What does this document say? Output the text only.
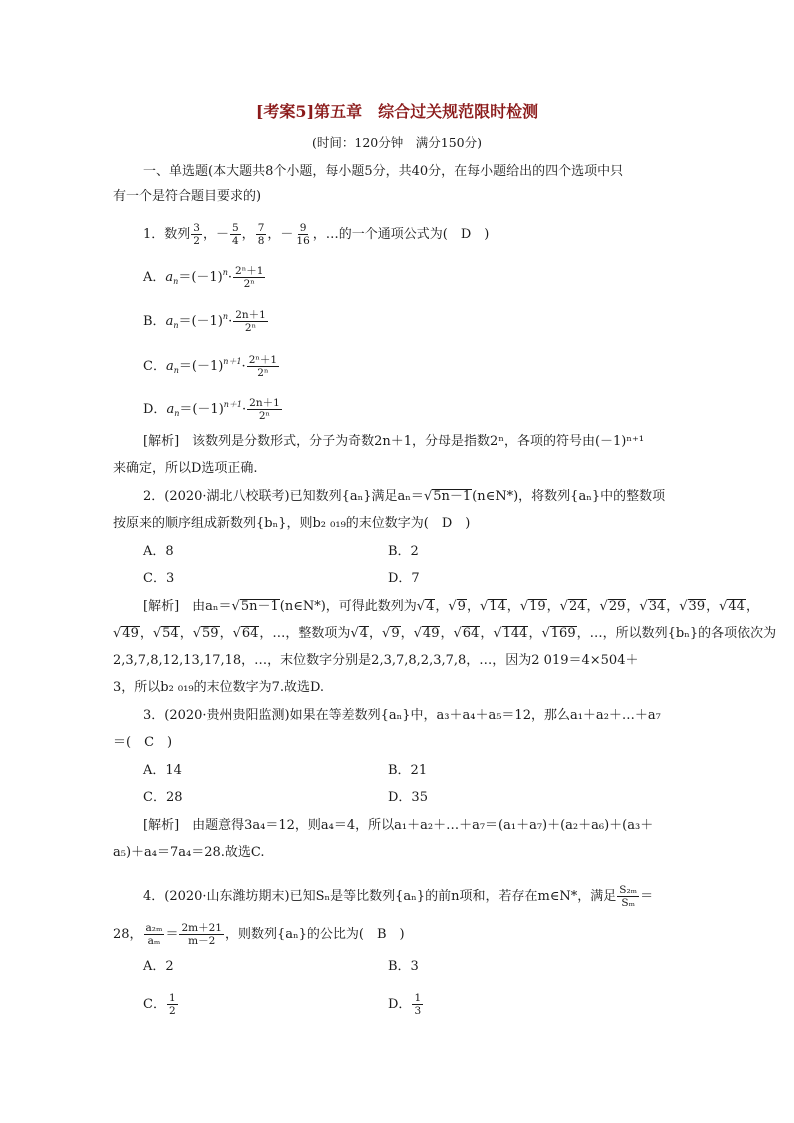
[考案5]第五章　综合过关规范限时检测
(时间：120分钟　满分150分)
一、单选题(本大题共8个小题，每小题5分，共40分，在每小题给出的四个选项中只
有一个是符合题目要求的)
1．数列 $\frac{3}{2}$ ，－ $\frac{5}{4}$ ， $\frac{7}{8}$ ，－ $\frac{9}{16}$ ，…的一个通项公式为(　D　)
A．$a_n=(-1)^n\cdot \frac{\text{2ⁿ＋1}}{\text{2ⁿ}}$
B．$a_n=(-1)^n\cdot \frac{2n+1}{\text{2ⁿ}}$
C．$a_n=(-1)^{n+1}\cdot \frac{\text{2ⁿ＋1}}{\text{2ⁿ}}$
D．$a_n=(-1)^{n+1}\cdot \frac{2n+1}{\text{2ⁿ}}$
[解析]　该数列是分数形式，分子为奇数2n＋1，分母是指数2ⁿ，各项的符号由(－1)ⁿ⁺¹
来确定，所以D选项正确.
2．(2020·湖北八校联考)已知数列{aₙ}满足aₙ＝√5n－1(n∈N*)，将数列{aₙ}中的整数项
按原来的顺序组成新数列{bₙ}，则b₂ ₀₁₉的末位数字为(　D　)
A．8	B．2
C．3	D．7
[解析]　由aₙ＝√5n－1(n∈N*)，可得此数列为√4，√9，√14，√19，√24，√29，√34，√39，√44，
√49，√54，√59，√64，…，整数项为√4，√9，√49，√64，√144，√169，…，所以数列{bₙ}的各项依次为
2,3,7,8,12,13,17,18，…，末位数字分别是2,3,7,8,2,3,7,8，…，因为2 019＝4×504＋
3，所以b₂ ₀₁₉的末位数字为7.故选D.
3．(2020·贵州贵阳监测)如果在等差数列{aₙ}中，a₃＋a₄＋a₅＝12，那么a₁＋a₂＋…＋a₇
＝(　C　)
A．14	B．21
C．28	D．35
[解析]　由题意得3a₄＝12，则a₄＝4，所以a₁＋a₂＋…＋a₇＝(a₁＋a₇)＋(a₂＋a₆)＋(a₃＋
a₅)＋a₄＝7a₄＝28.故选C.
4．(2020·山东潍坊期末)已知Sₙ是等比数列{aₙ}的前n项和，若存在m∈N*，满足 $\frac{\text{S₂ₘ}}{\text{Sₘ}}$ ＝
28， $\frac{\text{a₂ₘ}}{\text{aₘ}} = \frac{2m+21}{m-2}$ ，则数列{aₙ}的公比为(　B　)
A．2	B．3
C． $\frac{1}{2}$	D． $\frac{1}{3}$
